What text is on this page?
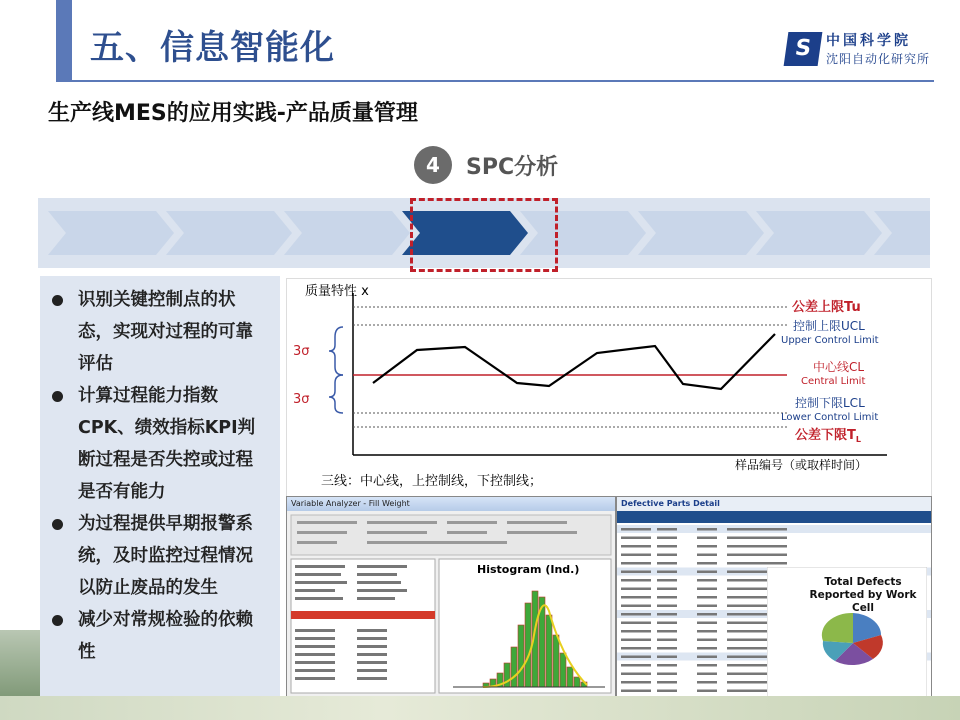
五、信息智能化	S 中国科学院
沈阳自动化研究所
生产线MES的应用实践-产品质量管理
4	SPC分析
识别关键控制点的状态，实现对过程的可靠评估
计算过程能力指数CPK、绩效指标KPI判断过程是否失控或过程是否有能力
为过程提供早期报警系统，及时监控过程情况以防止废品的发生
减少对常规检验的依赖性
质量特性 x
3σ
3σ
公差上限Tu
控制上限UCL
Upper Control Limit
中心线CL
Central Limit
控制下限LCL
Lower Control Limit
公差下限$T_L$
样品编号（或取样时间）
三线：中心线，上控制线，下控制线；
Variable Analyzer - Fill Weight
Histogram (Ind.)
Defective Parts Detail
Total Defects Reported by Work Cell
